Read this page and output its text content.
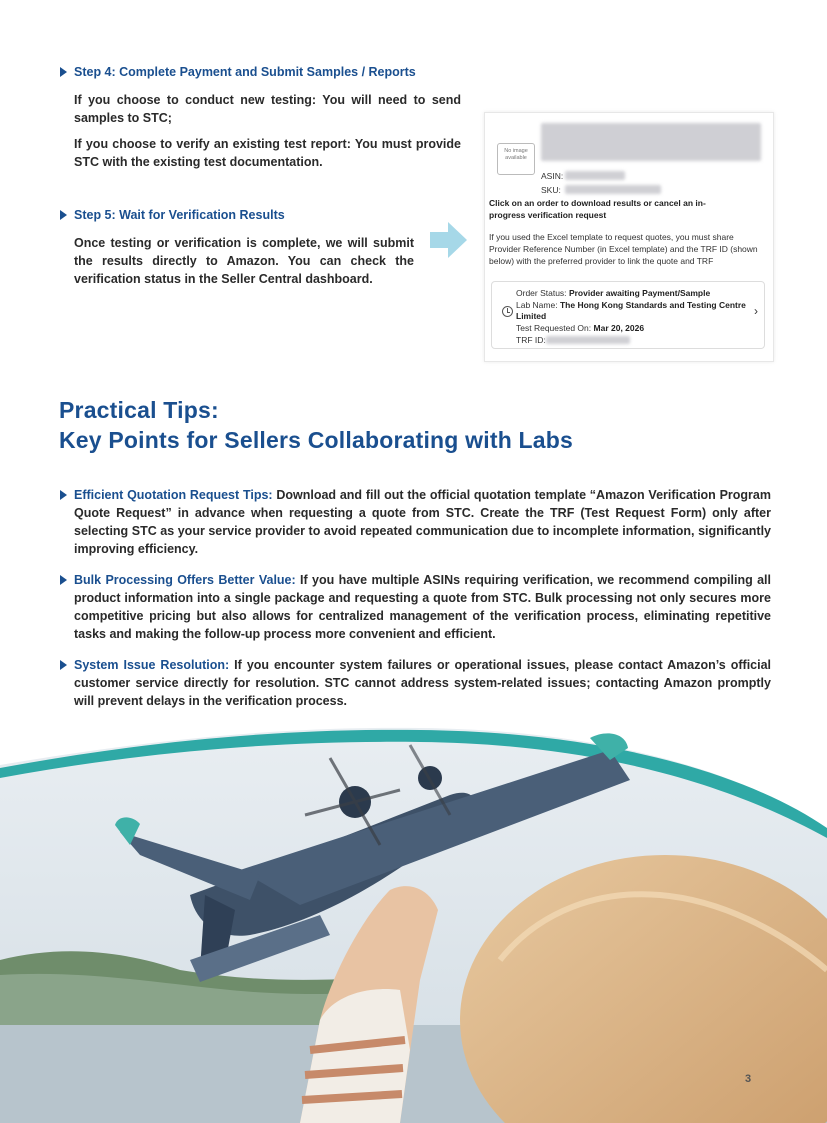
Step 4: Complete Payment and Submit Samples / Reports
If you choose to conduct new testing: You will need to send samples to STC;
If you choose to verify an existing test report: You must provide STC with the existing test documentation.
Step 5: Wait for Verification Results
Once testing or verification is complete, we will submit the results directly to Amazon. You can check the verification status in the Seller Central dashboard.
No image available
ASIN:
SKU:
Click on an order to download results or cancel an in-progress verification request
If you used the Excel template to request quotes, you must share Provider Reference Number (in Excel template) and the TRF ID (shown below) with the preferred provider to link the quote and TRF
Order Status: Provider awaiting Payment/Sample
Lab Name: The Hong Kong Standards and Testing Centre Limited
Test Requested On: Mar 20, 2026
TRF ID:
›
Practical Tips:
Key Points for Sellers Collaborating with Labs
Efficient Quotation Request Tips: Download and fill out the official quotation template “Amazon Verification Program Quote Request” in advance when requesting a quote from STC. Create the TRF (Test Request Form) only after selecting STC as your service provider to avoid repeated communication due to incomplete information, significantly improving efficiency.
Bulk Processing Offers Better Value: If you have multiple ASINs requiring verification, we recommend compiling all product information into a single package and requesting a quote from STC. Bulk processing not only secures more competitive pricing but also allows for centralized management of the verification process, eliminating repetitive tasks and making the follow-up process more convenient and efficient.
System Issue Resolution: If you encounter system failures or operational issues, please contact Amazon’s official customer service directly for resolution. STC cannot address system-related issues; contacting Amazon promptly will prevent delays in the verification process.
3
